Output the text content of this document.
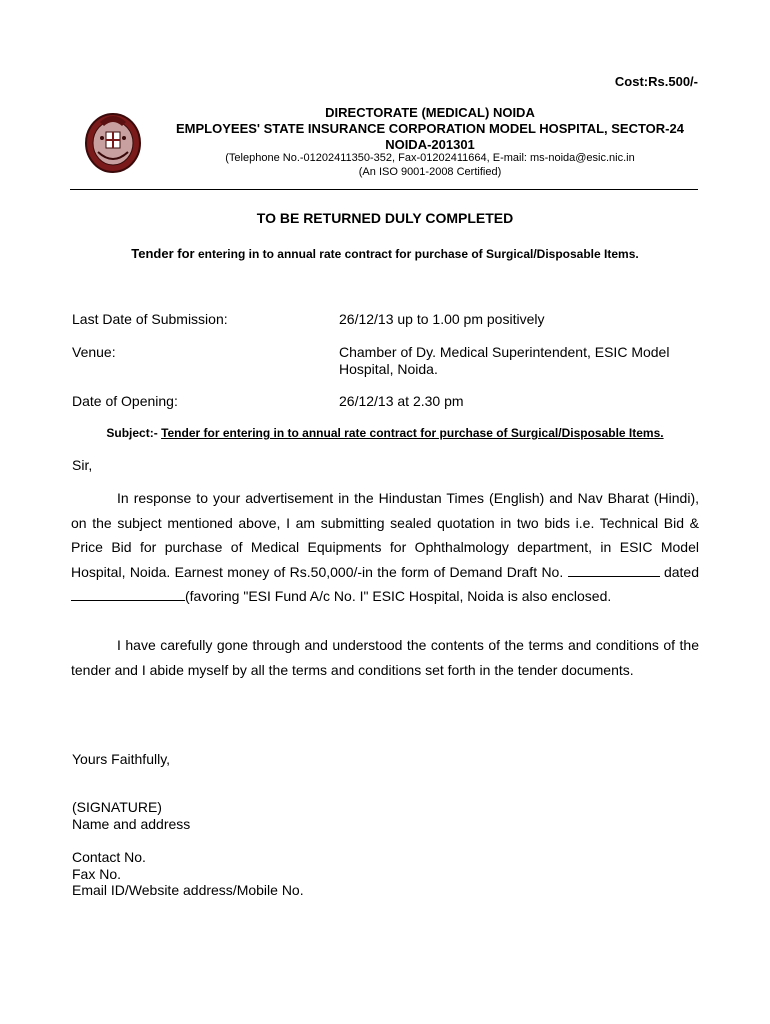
Cost:Rs.500/-
DIRECTORATE (MEDICAL) NOIDA
EMPLOYEES' STATE INSURANCE CORPORATION MODEL HOSPITAL, SECTOR-24
NOIDA-201301
(Telephone No.-01202411350-352, Fax-01202411664, E-mail: ms-noida@esic.nic.in
(An ISO 9001-2008 Certified)
TO BE RETURNED DULY COMPLETED
Tender for entering in to annual rate contract for purchase of Surgical/Disposable Items.
Last Date of Submission:	26/12/13 up to 1.00 pm positively
Venue:	Chamber of Dy. Medical Superintendent, ESIC Model Hospital, Noida.
Date of Opening:	26/12/13 at 2.30 pm
Subject:- Tender for entering in to annual rate contract for purchase of Surgical/Disposable Items.
Sir,
In response to your advertisement in the Hindustan Times (English) and Nav Bharat (Hindi), on the subject mentioned above, I am submitting sealed quotation in two bids i.e. Technical Bid & Price Bid for purchase of Medical Equipments for Ophthalmology department, in ESIC Model Hospital, Noida. Earnest money of Rs.50,000/-in the form of Demand Draft No.	dated (favoring "ESI Fund A/c No. I" ESIC Hospital, Noida is also enclosed.
I have carefully gone through and understood the contents of the terms and conditions of the tender and I abide myself by all the terms and conditions set forth in the tender documents.
Yours Faithfully,
(SIGNATURE)
Name and address
Contact No.
Fax No.
Email ID/Website address/Mobile No.
